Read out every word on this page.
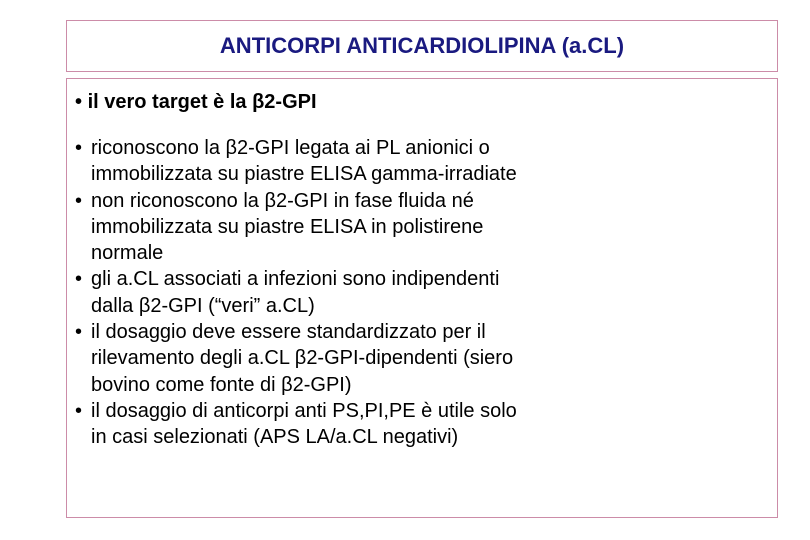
ANTICORPI ANTICARDIOLIPINA (a.CL)
• il vero target è la β2-GPI
• riconoscono la β2-GPI legata ai PL anionici o
immobilizzata su piastre ELISA gamma-irradiate
• non riconoscono la β2-GPI in fase fluida né
immobilizzata su piastre ELISA in polistirene
normale
• gli a.CL associati a infezioni sono indipendenti
dalla β2-GPI (“veri” a.CL)
• il dosaggio deve essere standardizzato per il
rilevamento degli a.CL β2-GPI-dipendenti (siero
bovino come fonte di β2-GPI)
• il dosaggio di anticorpi anti PS,PI,PE è utile solo
in casi selezionati (APS LA/a.CL negativi)
